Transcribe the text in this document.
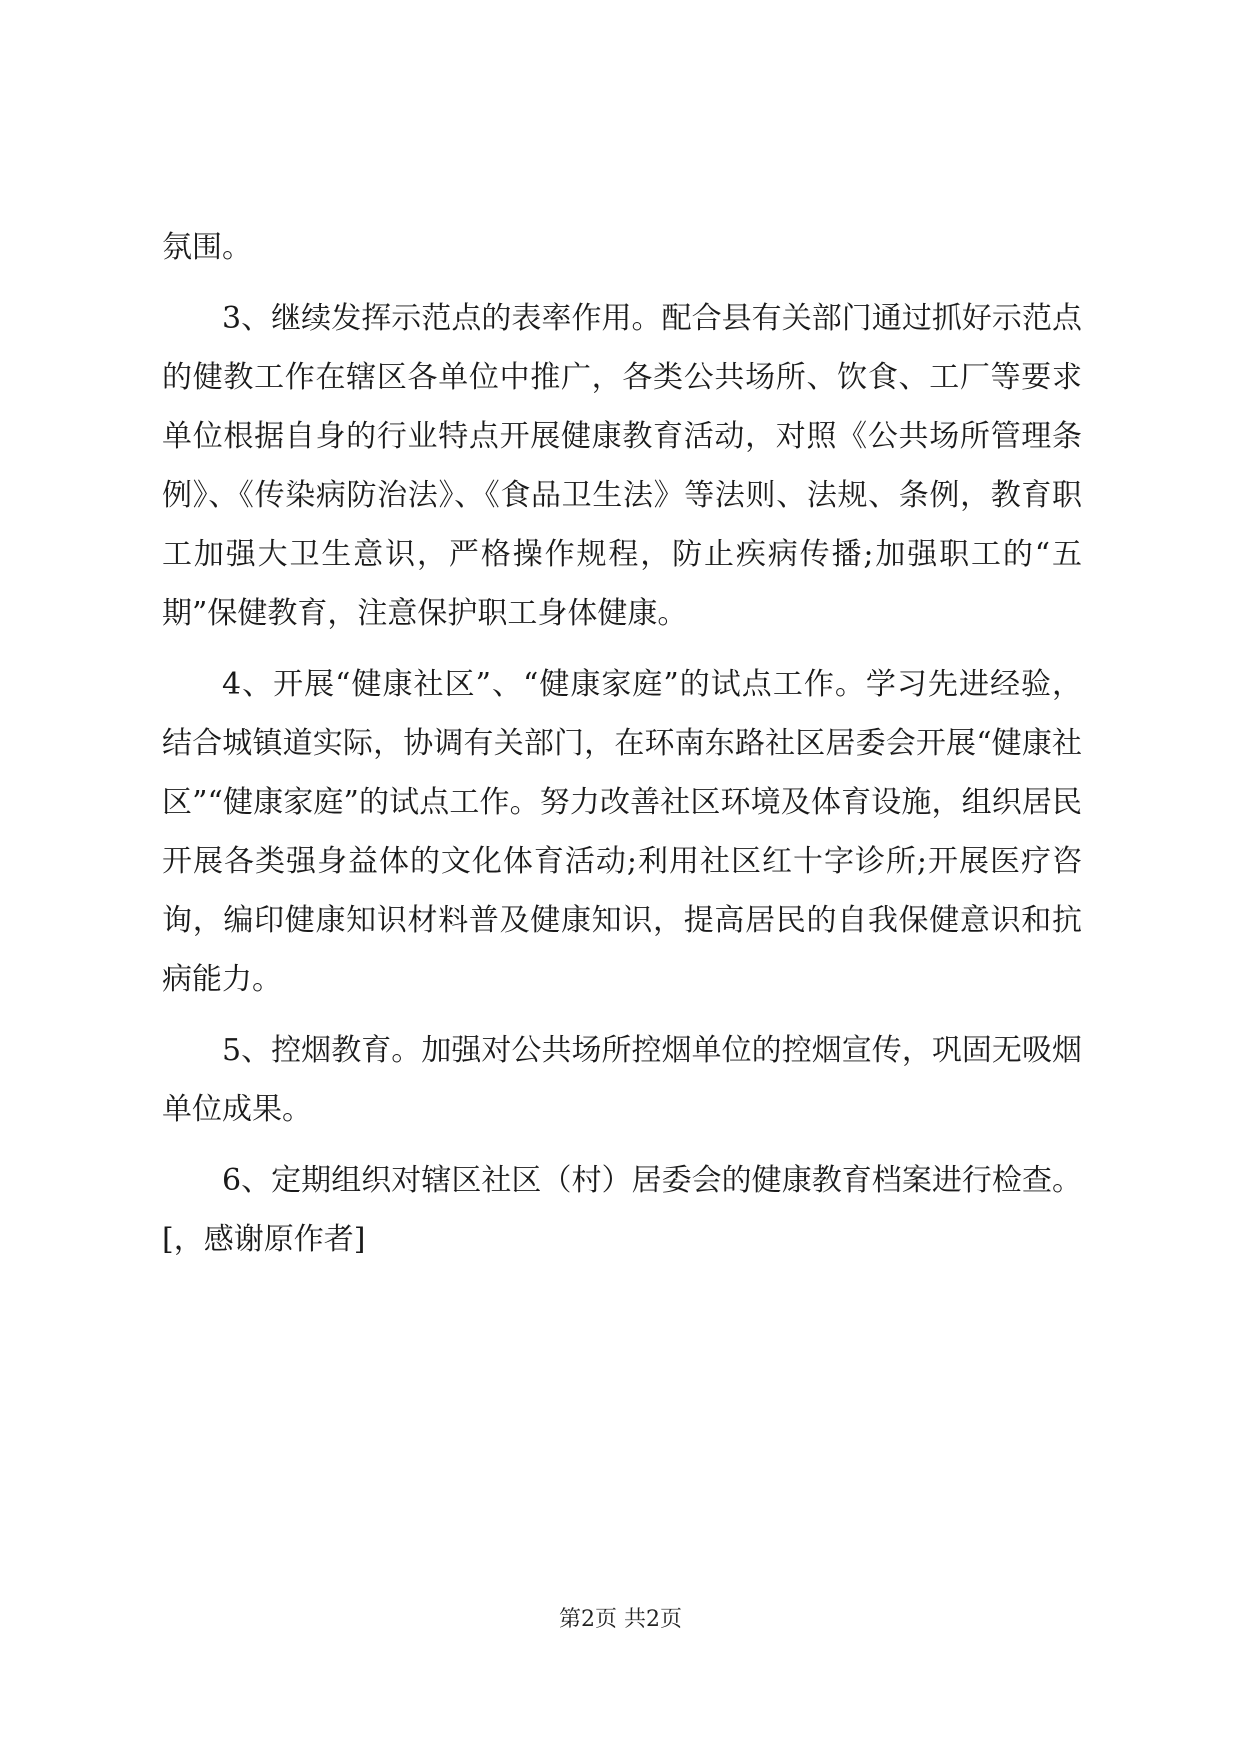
氛围。

3、继续发挥示范点的表率作用。配合县有关部门通过抓好示范点的健教工作在辖区各单位中推广，各类公共场所、饮食、工厂等要求单位根据自身的行业特点开展健康教育活动，对照《公共场所管理条例》、《传染病防治法》、《食品卫生法》等法则、法规、条例，教育职工加强大卫生意识，严格操作规程，防止疾病传播;加强职工的“五期”保健教育，注意保护职工身体健康。

4、开展“健康社区”、“健康家庭”的试点工作。学习先进经验，结合城镇道实际，协调有关部门，在环南东路社区居委会开展“健康社区”“健康家庭”的试点工作。努力改善社区环境及体育设施，组织居民开展各类强身益体的文化体育活动;利用社区红十字诊所;开展医疗咨询，编印健康知识材料普及健康知识，提高居民的自我保健意识和抗病能力。

5、控烟教育。加强对公共场所控烟单位的控烟宣传，巩固无吸烟单位成果。

6、定期组织对辖区社区（村）居委会的健康教育档案进行检查。[，感谢原作者]

第2页 共2页
